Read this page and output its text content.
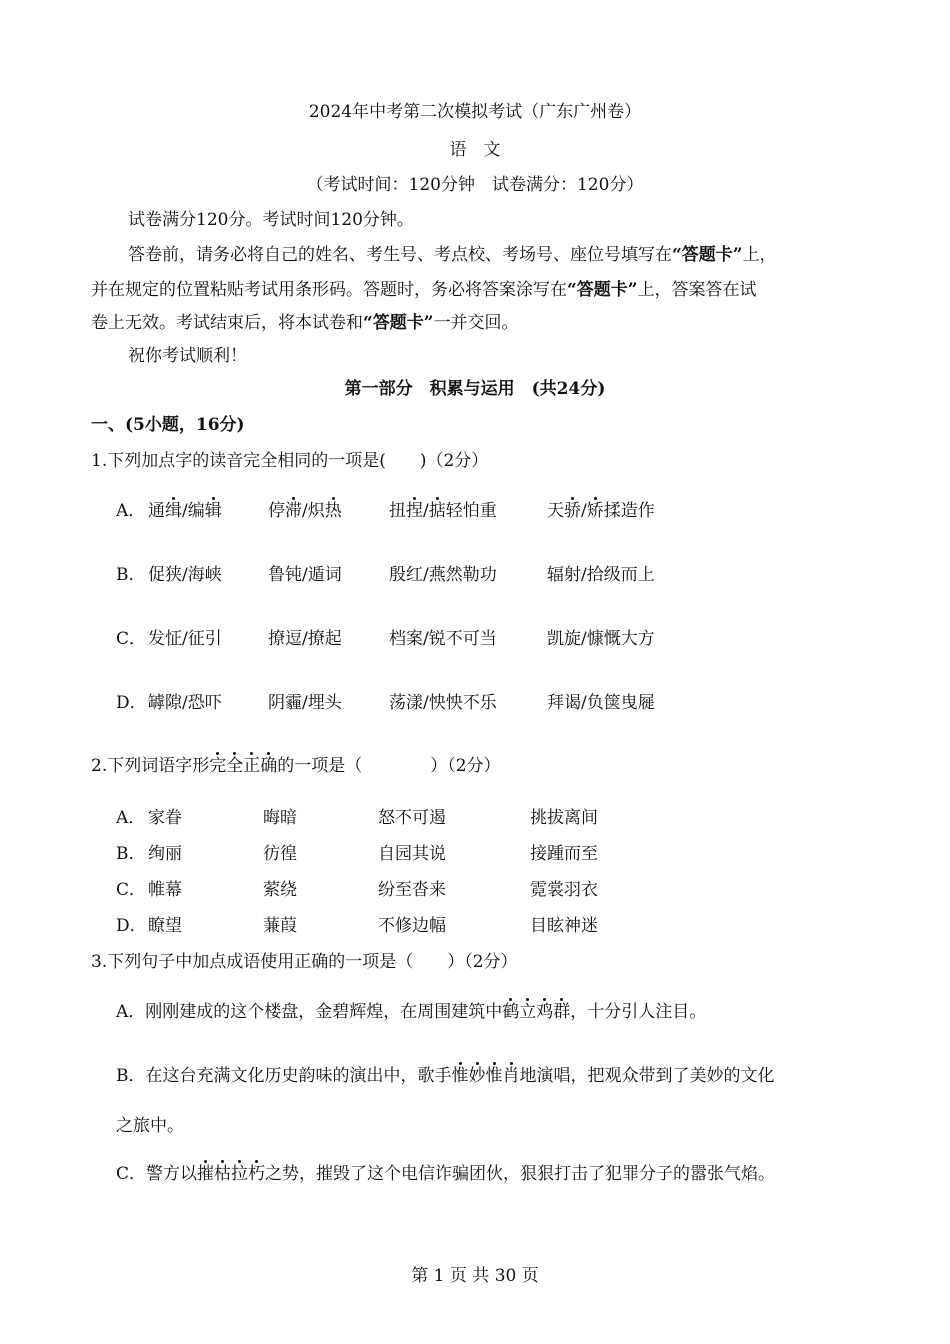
2024年中考第二次模拟考试（广东广州卷）
语　文
（考试时间：120分钟　试卷满分：120分）
试卷满分120分。考试时间120分钟。
答卷前，请务必将自己的姓名、考生号、考点校、考场号、座位号填写在“答题卡”上，
并在规定的位置粘贴考试用条形码。答题时，务必将答案涂写在“答题卡”上，答案答在试
卷上无效。考试结束后，将本试卷和“答题卡”一并交回。
祝你考试顺利！
第一部分　积累与运用　(共24分)
一、(5小题，16分)
1.下列加点字的读音完全相同的一项是(　　)（2分）
A． 通缉/编辑	停滞/炽热	扭捏/掂轻怕重	天骄/矫揉造作
B． 促狭/海峡	鲁钝/遁词	殷红/燕然勒功	辐射/拾级而上
C． 发怔/征引	撩逗/撩起	档案/锐不可当	凯旋/慷慨大方
D． 罅隙/恐吓	阴霾/埋头	荡漾/怏怏不乐	拜谒/负箧曳屣
2.下列词语字形完全正确的一项是（　　　　）（2分）
A． 家眷	晦暗	怒不可遏	挑拔离间
B． 绚丽	彷徨	自园其说	接踵而至
C． 帷幕	萦绕	纷至沓来	霓裳羽衣
D． 瞭望	蒹葭	不修边幅	目眩神迷
3.下列句子中加点成语使用正确的一项是（　　）（2分）
A．刚刚建成的这个楼盘，金碧辉煌，在周围建筑中鹤立鸡群，十分引人注目。
B．在这台充满文化历史韵味的演出中，歌手惟妙惟肖地演唱，把观众带到了美妙的文化
之旅中。
C．警方以摧枯拉朽之势，摧毁了这个电信诈骗团伙，狠狠打击了犯罪分子的嚣张气焰。
第 1 页 共 30 页
